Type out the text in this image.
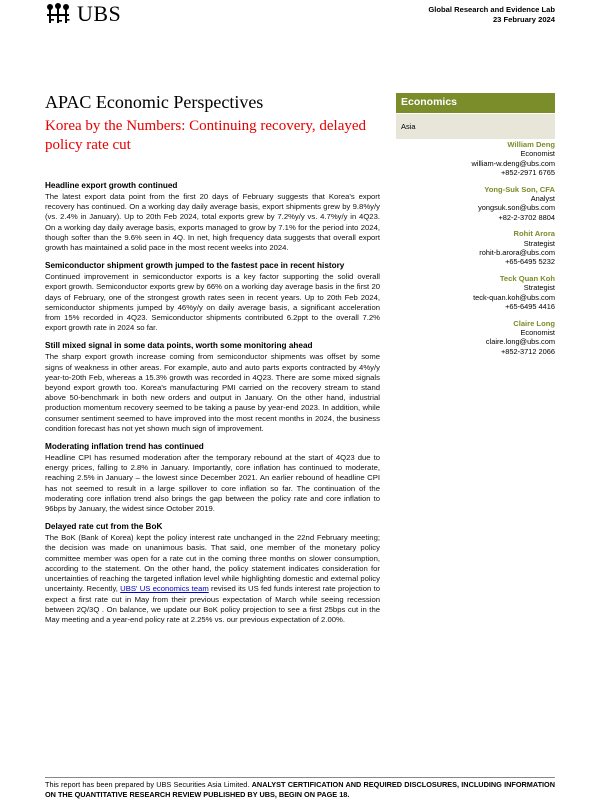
UBS	Global Research and Evidence Lab
23 February 2024
APAC Economic Perspectives
Korea by the Numbers: Continuing recovery, delayed policy rate cut
Economics
Asia
William Deng
Economist
william-w.deng@ubs.com
+852-2971 6765
Yong-Suk Son, CFA
Analyst
yongsuk.son@ubs.com
+82-2-3702 8804
Rohit Arora
Strategist
rohit-b.arora@ubs.com
+65-6495 5232
Teck Quan Koh
Strategist
teck-quan.koh@ubs.com
+65-6495 4416
Claire Long
Economist
claire.long@ubs.com
+852-3712 2066
Headline export growth continued
The latest export data point from the first 20 days of February suggests that Korea's export recovery has continued. On a working day daily average basis, export shipments grew by 9.8%y/y (vs. 2.4% in January). Up to 20th Feb 2024, total exports grew by 7.2%y/y vs. 4.7%y/y in 4Q23. On a working day daily average basis, exports managed to grow by 7.1% for the period into 2024, though softer than the 9.6% seen in 4Q. In net, high frequency data suggests that overall export growth has maintained a solid pace in the most recent weeks into 2024.
Semiconductor shipment growth jumped to the fastest pace in recent history
Continued improvement in semiconductor exports is a key factor supporting the solid overall export growth. Semiconductor exports grew by 66% on a working day average basis in the first 20 days of February, one of the strongest growth rates seen in recent years. Up to 20th Feb 2024, semiconductor shipments jumped by 46%y/y on daily average basis, a significant acceleration from 15% recorded in 4Q23. Semiconductor shipments contributed 6.2ppt to the overall 7.2% export growth rate in 2024 so far.
Still mixed signal in some data points, worth some monitoring ahead
The sharp export growth increase coming from semiconductor shipments was offset by some signs of weakness in other areas. For example, auto and auto parts exports contracted by 4%y/y year-to-20th Feb, whereas a 15.3% growth was recorded in 4Q23. There are some mixed signals beyond export growth too. Korea's manufacturing PMI carried on the recovery stream to stand above 50-benchmark in both new orders and output in January. On the other hand, industrial production momentum recovery seemed to be taking a pause by year-end 2023. In addition, while consumer sentiment seemed to have improved into the most recent months in 2024, the business condition forecast has not yet shown much sign of improvement.
Moderating inflation trend has continued
Headline CPI has resumed moderation after the temporary rebound at the start of 4Q23 due to energy prices, falling to 2.8% in January. Importantly, core inflation has continued to moderate, reaching 2.5% in January – the lowest since December 2021. An earlier rebound of headline CPI has not seemed to result in a large spillover to core inflation so far. The continuation of the moderating core inflation trend also brings the gap between the policy rate and core inflation to 96bps by January, the widest since October 2019.
Delayed rate cut from the BoK
The BoK (Bank of Korea) kept the policy interest rate unchanged in the 22nd February meeting; the decision was made on unanimous basis. That said, one member of the monetary policy committee member was open for a rate cut in the coming three months on slower consumption, according to the statement. On the other hand, the policy statement indicates consideration for uncertainties of reaching the targeted inflation level while highlighting domestic and external policy uncertainty. Recently, UBS' US economics team revised its US fed funds interest rate projection to expect a first rate cut in May from their previous expectation of March while seeing recession between 2Q/3Q . On balance, we update our BoK policy projection to see a first 25bps cut in the May meeting and a year-end policy rate at 2.25% vs. our previous expectation of 2.00%.
This report has been prepared by UBS Securities Asia Limited. ANALYST CERTIFICATION AND REQUIRED DISCLOSURES, INCLUDING INFORMATION ON THE QUANTITATIVE RESEARCH REVIEW PUBLISHED BY UBS, BEGIN ON PAGE 18.
